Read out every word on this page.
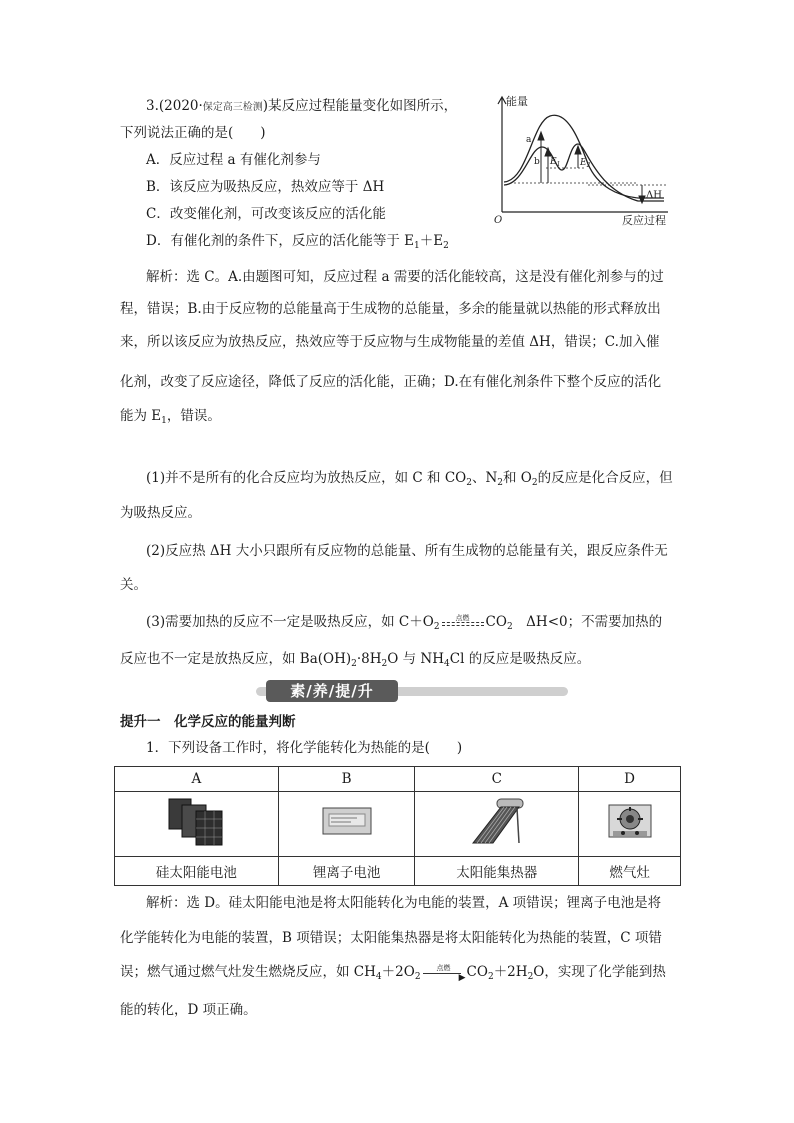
3.(2020·保定高三检测)某反应过程能量变化如图所示，
下列说法正确的是(　　)
A．反应过程 a 有催化剂参与
B．该反应为吸热反应，热效应等于 ΔH
C．改变催化剂，可改变该反应的活化能
D．有催化剂的条件下，反应的活化能等于 $E_1+E_2$
能量
反应过程
O
a
b $E_1$ $E_2$
ΔH
解析：选 C。A.由题图可知，反应过程 a 需要的活化能较高，这是没有催化剂参与的过
程，错误；B.由于反应物的总能量高于生成物的总能量，多余的能量就以热能的形式释放出
来，所以该反应为放热反应，热效应等于反应物与生成物能量的差值 ΔH，错误；C.加入催
化剂，改变了反应途径，降低了反应的活化能，正确；D.在有催化剂条件下整个反应的活化
能为 $E_1$，错误。
(1)并不是所有的化合反应均为放热反应，如 C 和 $CO_2$、$N_2$和 $O_2$的反应是化合反应，但
为吸热反应。
(2)反应热 ΔH 大小只跟所有反应物的总能量、所有生成物的总能量有关，跟反应条件无
关。
(3)需要加热的反应不一定是吸热反应，如 $C+O_2$
点燃	$CO_2$　ΔH<0；不需要加热的
反应也不一定是放热反应，如 $Ba(OH)_2\cdot 8H_2O$ 与 $NH_4Cl$ 的反应是吸热反应。
素/养/提/升
提升一　化学反应的能量判断
1．下列设备工作时，将化学能转化为热能的是(　　)
A	B	C	D

硅太阳能电池	锂离子电池	太阳能集热器	燃气灶
解析：选 D。硅太阳能电池是将太阳能转化为电能的装置，A 项错误；锂离子电池是将
化学能转化为电能的装置，B 项错误；太阳能集热器是将太阳能转化为热能的装置，C 项错
误；燃气通过燃气灶发生燃烧反应，如 $CH_4+2O_2$
点燃
▶ $CO_2+2H_2O$，实现了化学能到热
能的转化，D 项正确。
